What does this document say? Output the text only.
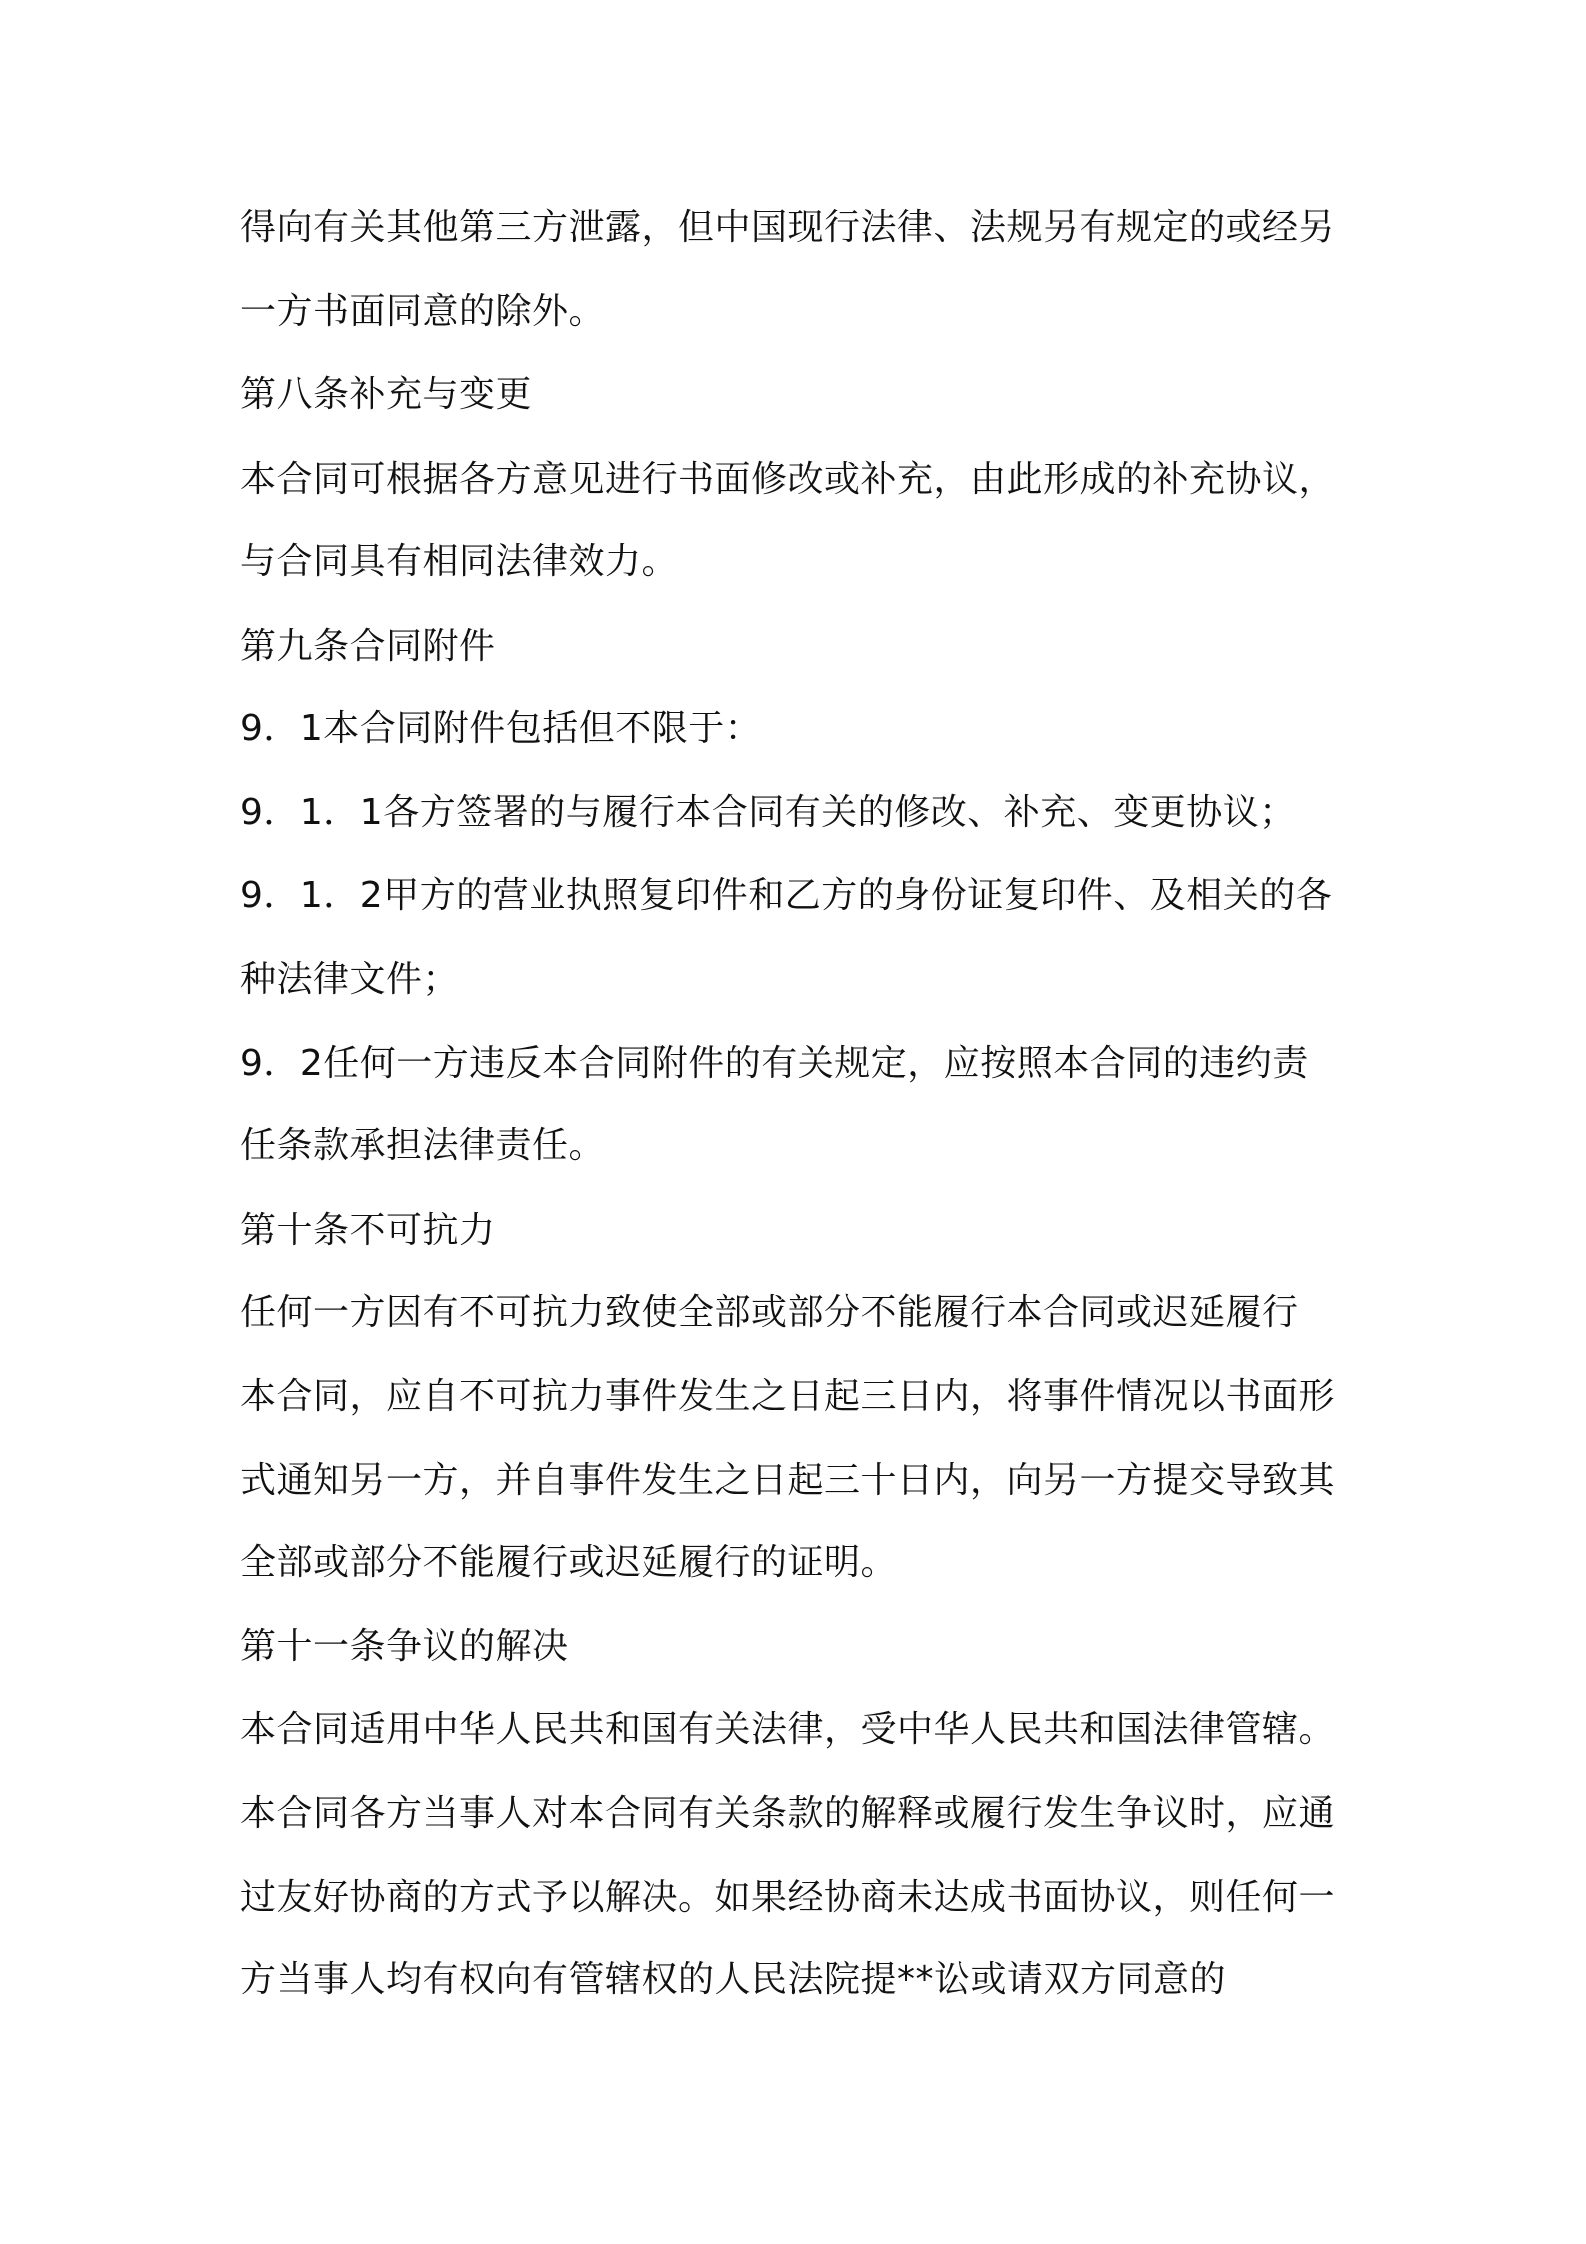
得向有关其他第三方泄露，但中国现行法律、法规另有规定的或经另
一方书面同意的除外。
第八条补充与变更
本合同可根据各方意见进行书面修改或补充，由此形成的补充协议，
与合同具有相同法律效力。
第九条合同附件
9．1本合同附件包括但不限于：
9．1．1各方签署的与履行本合同有关的修改、补充、变更协议；
9．1．2甲方的营业执照复印件和乙方的身份证复印件、及相关的各
种法律文件；
9．2任何一方违反本合同附件的有关规定，应按照本合同的违约责
任条款承担法律责任。
第十条不可抗力
任何一方因有不可抗力致使全部或部分不能履行本合同或迟延履行
本合同，应自不可抗力事件发生之日起三日内，将事件情况以书面形
式通知另一方，并自事件发生之日起三十日内，向另一方提交导致其
全部或部分不能履行或迟延履行的证明。
第十一条争议的解决
本合同适用中华人民共和国有关法律，受中华人民共和国法律管辖。
本合同各方当事人对本合同有关条款的解释或履行发生争议时，应通
过友好协商的方式予以解决。如果经协商未达成书面协议，则任何一
方当事人均有权向有管辖权的人民法院提**讼或请双方同意的
